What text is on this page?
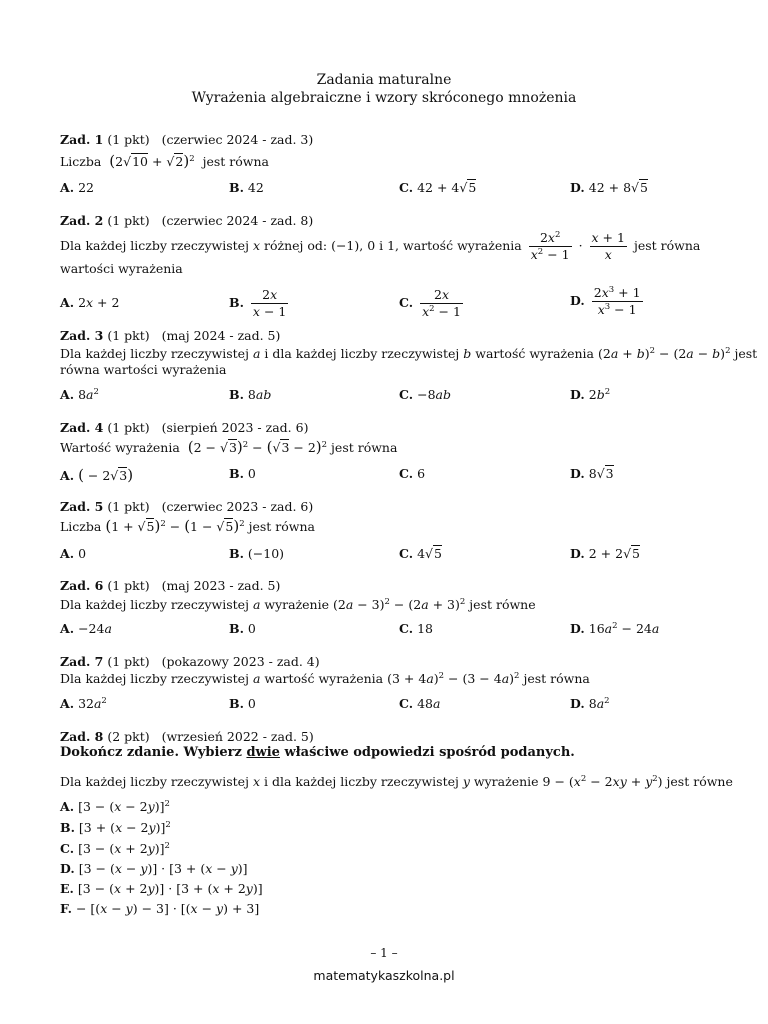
Zadania maturalne
Wyrażenia algebraiczne i wzory skróconego mnożenia
Zad. 1 (1 pkt) (czerwiec 2024 - zad. 3)
Liczba $(2√10 + √2)^2$ jest równa
A. 22	B. 42	C. 42 + 4√5	D. 42 + 8√5
Zad. 2 (1 pkt) (czerwiec 2024 - zad. 8)
Dla każdej liczby rzeczywistej x różnej od: (−1), 0 i 1, wartość wyrażenia $\frac{2x^2}{x^2 - 1} \cdot \frac{x + 1}{x}$ jest równa
wartości wyrażenia
A. 2x + 2	B. $\frac{2x}{x - 1}$	C. $\frac{2x}{x^2 - 1}$	D. $\frac{2x^3 + 1}{x^3 - 1}$
Zad. 3 (1 pkt) (maj 2024 - zad. 5)
Dla każdej liczby rzeczywistej a i dla każdej liczby rzeczywistej b wartość wyrażenia $(2a + b)^2 - (2a - b)^2$ jest
równa wartości wyrażenia
A. $8a^2$	B. 8ab	C. −8ab	D. $2b^2$
Zad. 4 (1 pkt) (sierpień 2023 - zad. 6)
Wartość wyrażenia $(2 - √3)^2 - (√3 - 2)^2$ jest równa
A. ( − 2√3)	B. 0	C. 6	D. 8√3
Zad. 5 (1 pkt) (czerwiec 2023 - zad. 6)
Liczba $(1 + √5)^2 - (1 - √5)^2$ jest równa
A. 0	B. (−10)	C. 4√5	D. 2 + 2√5
Zad. 6 (1 pkt) (maj 2023 - zad. 5)
Dla każdej liczby rzeczywistej a wyrażenie $(2a - 3)^2 - (2a + 3)^2$ jest równe
A. −24a	B. 0	C. 18	D. $16a^2 - 24a$
Zad. 7 (1 pkt) (pokazowy 2023 - zad. 4)
Dla każdej liczby rzeczywistej a wartość wyrażenia $(3 + 4a)^2 - (3 - 4a)^2$ jest równa
A. $32a^2$	B. 0	C. 48a	D. $8a^2$
Zad. 8 (2 pkt) (wrzesień 2022 - zad. 5)
Dokończ zdanie. Wybierz dwie właściwe odpowiedzi spośród podanych.
Dla każdej liczby rzeczywistej x i dla każdej liczby rzeczywistej y wyrażenie $9 - (x^2 - 2xy + y^2)$ jest równe
A. $[3 - (x - 2y)]^2$
B. $[3 + (x - 2y)]^2$
C. $[3 - (x + 2y)]^2$
D. [3 − (x − y)] · [3 + (x − y)]
E. [3 − (x + 2y)] · [3 + (x + 2y)]
F. − [(x − y) − 3] · [(x − y) + 3]
– 1 –
matematykaszkolna.pl
